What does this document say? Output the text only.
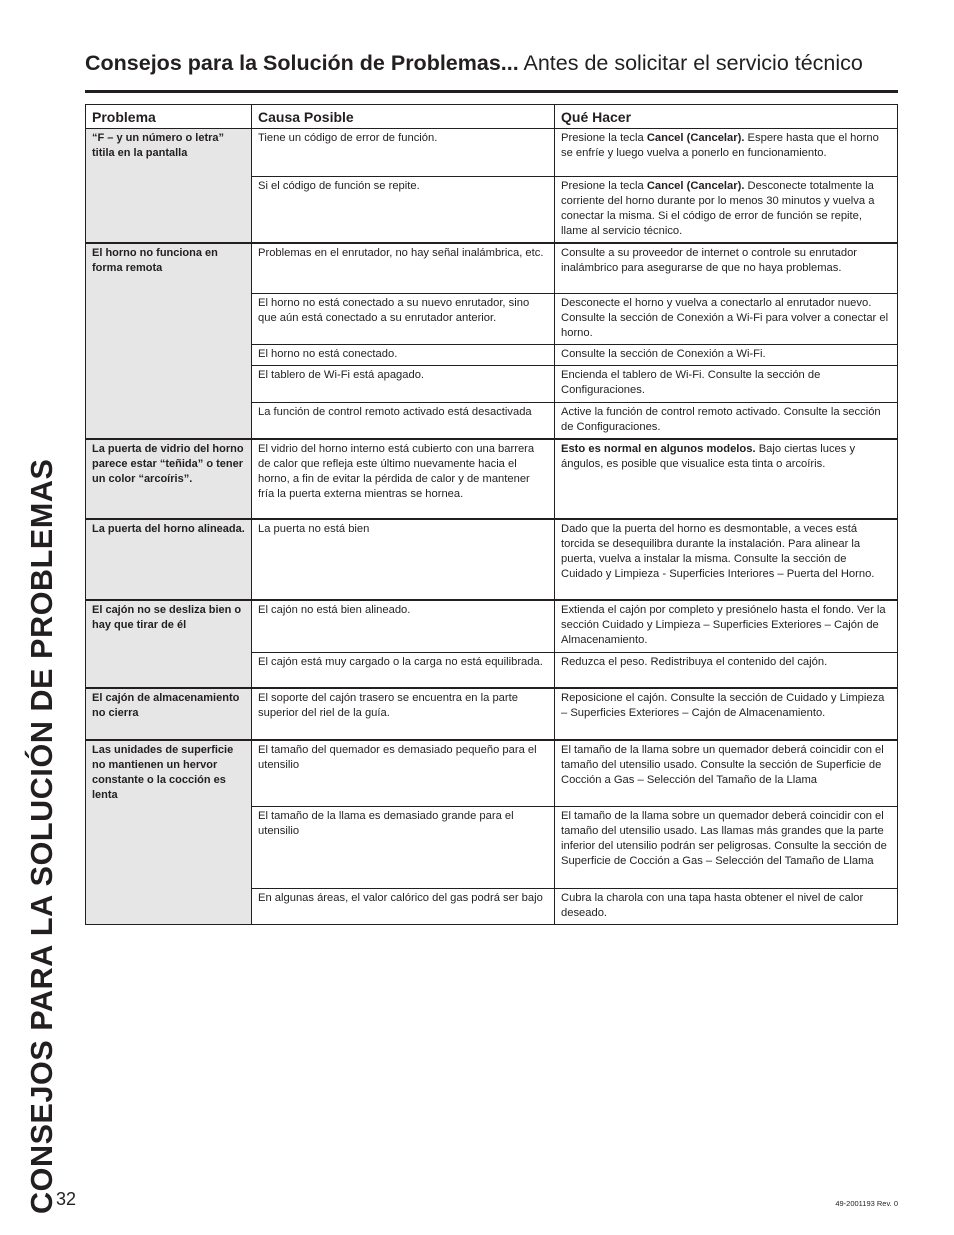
CONSEJOS PARA LA SOLUCIÓN DE PROBLEMAS
Consejos para la Solución de Problemas... Antes de solicitar el servicio técnico
Problema	Causa Posible	Qué Hacer
“F – y un número o letra” titila en la pantalla	Tiene un código de error de función.	Presione la tecla Cancel (Cancelar). Espere hasta que el horno se enfríe y luego vuelva a ponerlo en funcionamiento.
	Si el código de función se repite.	Presione la tecla Cancel (Cancelar). Desconecte totalmente la corriente del horno durante por lo menos 30 minutos y vuelva a conectar la misma. Si el código de error de función se repite, llame al servicio técnico.
El horno no funciona en forma remota	Problemas en el enrutador, no hay señal inalámbrica, etc.	Consulte a su proveedor de internet o controle su enrutador inalámbrico para asegurarse de que no haya problemas.
	El horno no está conectado a su nuevo enrutador, sino que aún está conectado a su enrutador anterior.	Desconecte el horno y vuelva a conectarlo al enrutador nuevo. Consulte la sección de Conexión a Wi-Fi para volver a conectar el horno.
	El horno no está conectado.	Consulte la sección de Conexión a Wi-Fi.
	El tablero de Wi-Fi está apagado.	Encienda el tablero de Wi-Fi. Consulte la sección de Configuraciones.
	La función de control remoto activado está desactivada	Active la función de control remoto activado. Consulte la sección de Configuraciones.
La puerta de vidrio del horno parece estar “teñida” o tener un color “arcoíris”.	El vidrio del horno interno está cubierto con una barrera de calor que refleja este último nuevamente hacia el horno, a fin de evitar la pérdida de calor y de mantener fría la puerta externa mientras se hornea.	Esto es normal en algunos modelos. Bajo ciertas luces y ángulos, es posible que visualice esta tinta o arcoíris.
La puerta del horno alineada.	La puerta no está bien	Dado que la puerta del horno es desmontable, a veces está torcida se desequilibra durante la instalación. Para alinear la puerta, vuelva a instalar la misma. Consulte la sección de Cuidado y Limpieza - Superficies Interiores – Puerta del Horno.
El cajón no se desliza bien o hay que tirar de él	El cajón no está bien alineado.	Extienda el cajón por completo y presiónelo hasta el fondo. Ver la sección Cuidado y Limpieza – Superficies Exteriores – Cajón de Almacenamiento.
	El cajón está muy cargado o la carga no está equilibrada.	Reduzca el peso. Redistribuya el contenido del cajón.
El cajón de almacenamiento no cierra	El soporte del cajón trasero se encuentra en la parte superior del riel de la guía.	Reposicione el cajón. Consulte la sección de Cuidado y Limpieza – Superficies Exteriores – Cajón de Almacenamiento.
Las unidades de superficie no mantienen un hervor constante o la cocción es lenta	El tamaño del quemador es demasiado pequeño para el utensilio	El tamaño de la llama sobre un quemador deberá coincidir con el tamaño del utensilio usado. Consulte la sección de Superficie de Cocción a Gas – Selección del Tamaño de la Llama
	El tamaño de la llama es demasiado grande para el utensilio	El tamaño de la llama sobre un quemador deberá coincidir con el tamaño del utensilio usado. Las llamas más grandes que la parte inferior del utensilio podrán ser peligrosas. Consulte la sección de Superficie de Cocción a Gas – Selección del Tamaño de Llama
	En algunas áreas, el valor calórico del gas podrá ser bajo	Cubra la charola con una tapa hasta obtener el nivel de calor deseado.
32	49-2001193 Rev. 0
